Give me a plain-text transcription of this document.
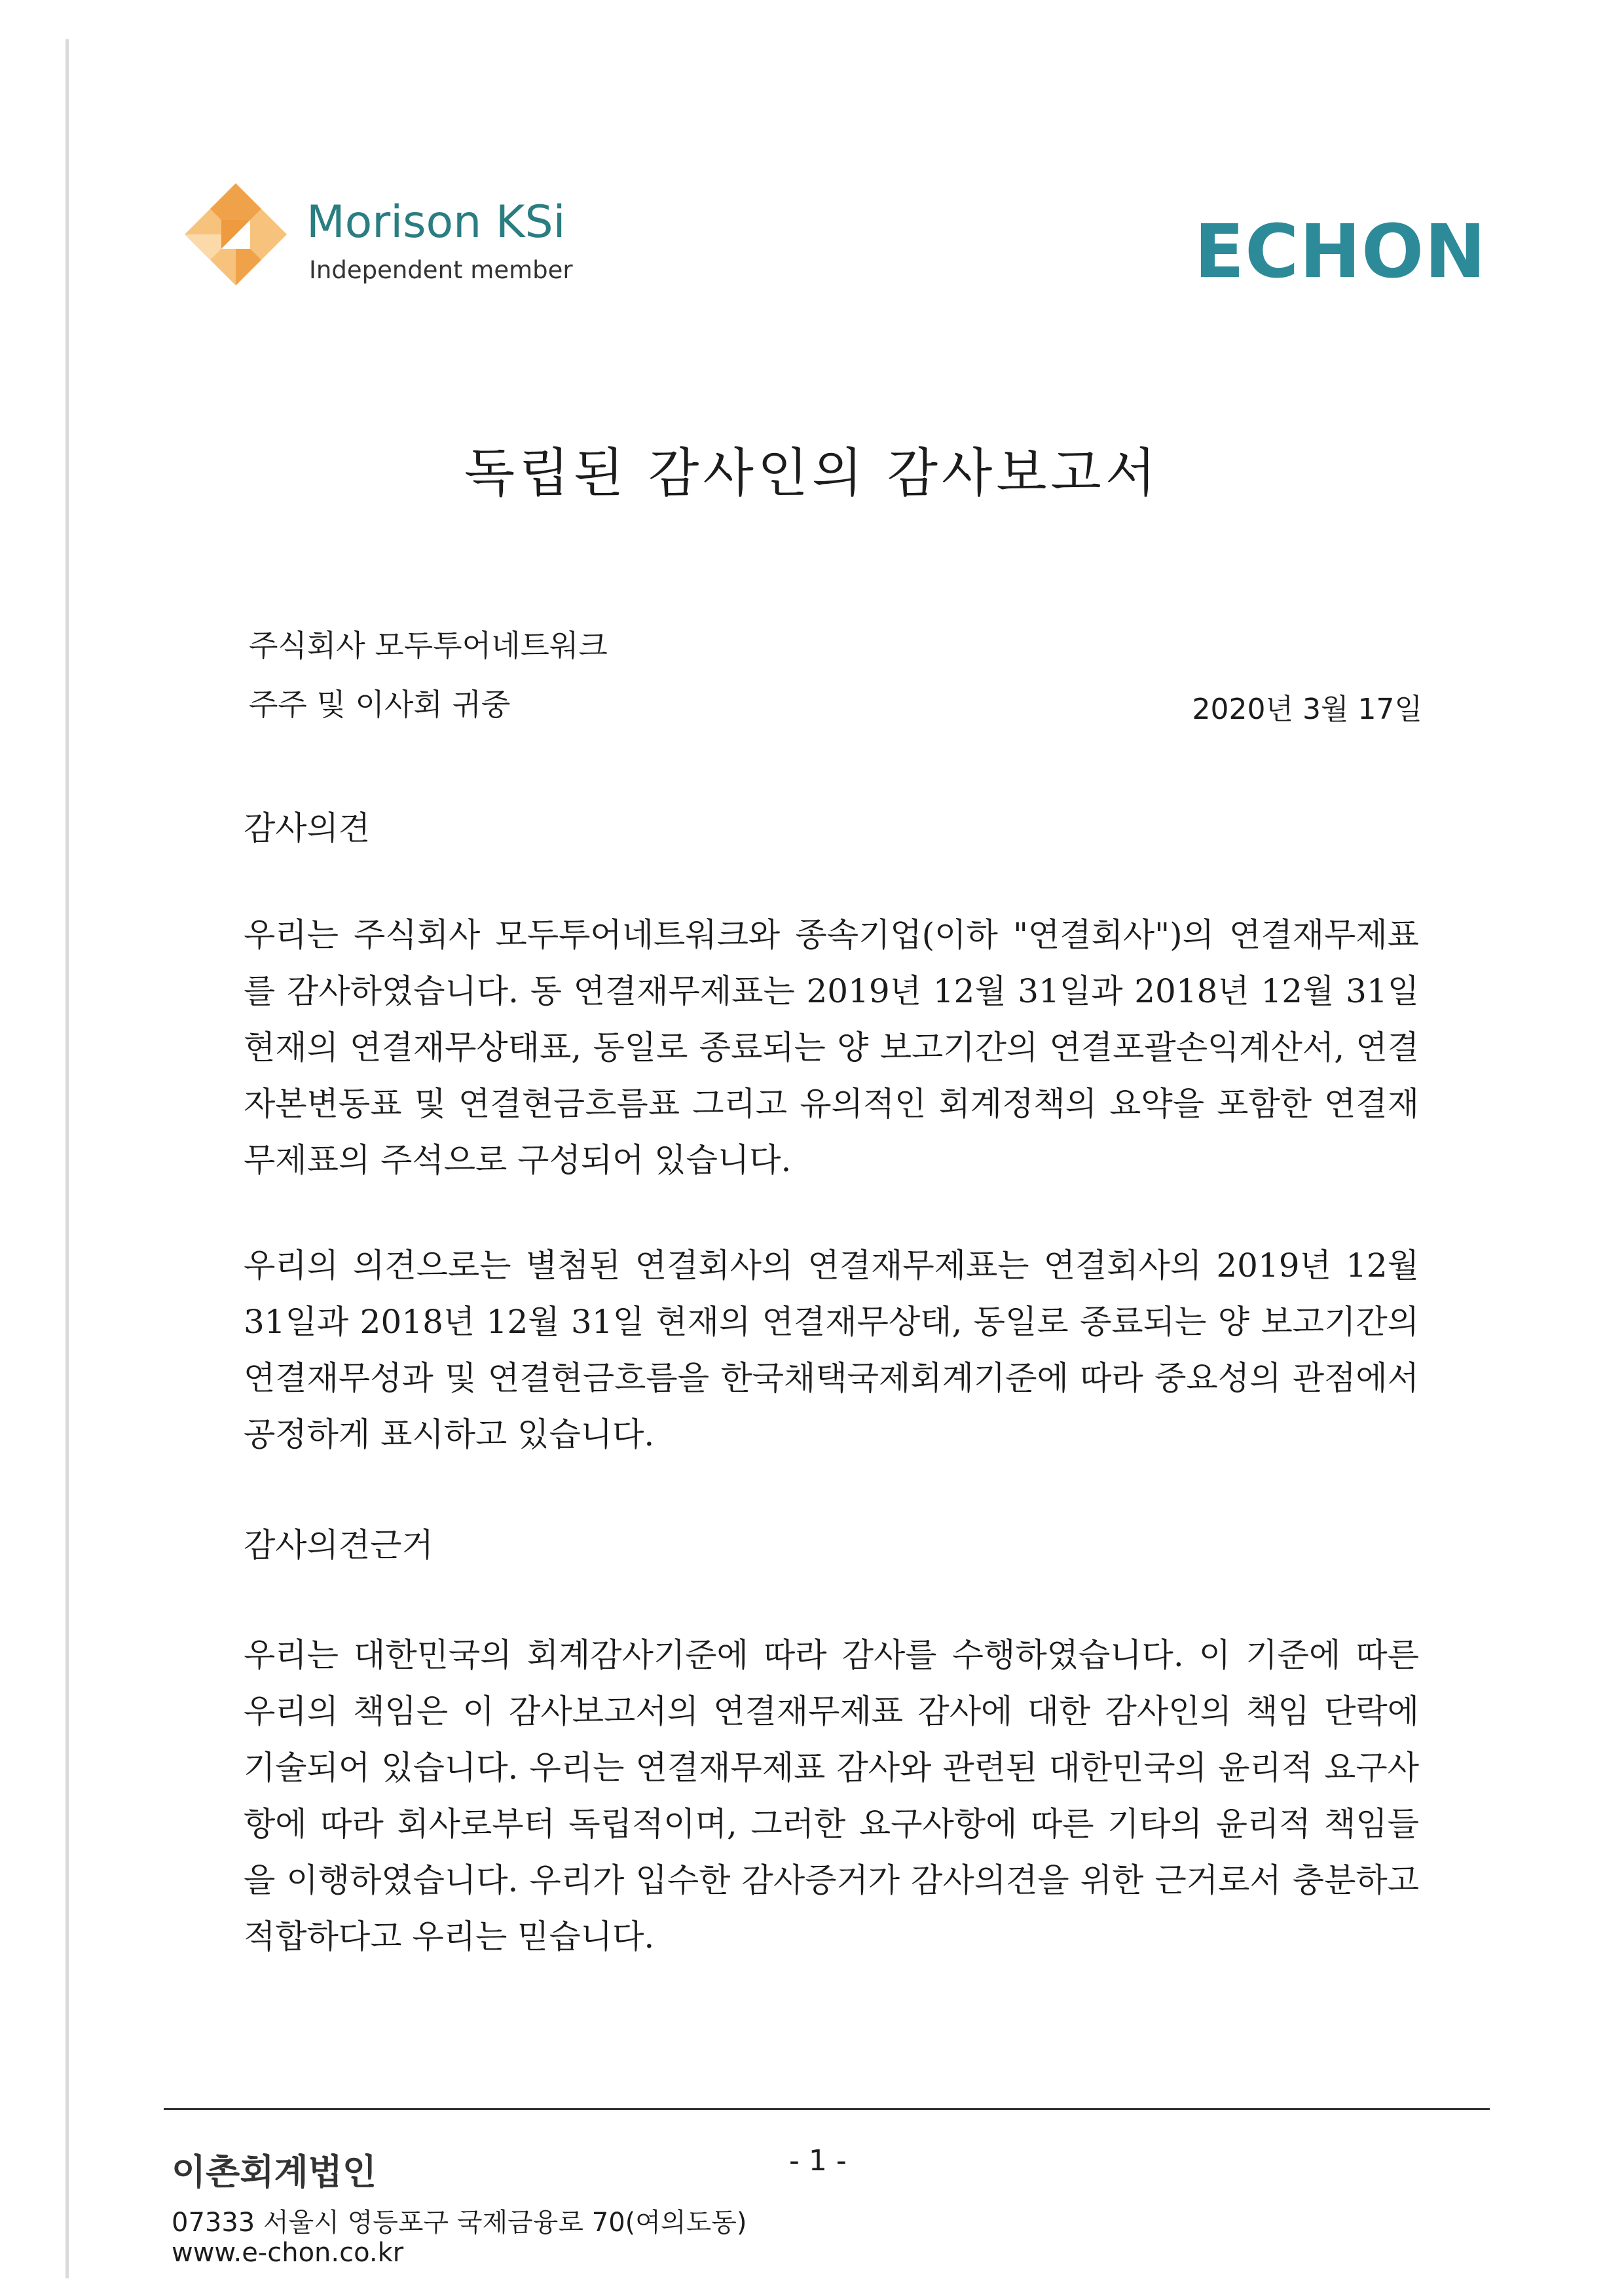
Morison KSi
Independent member	ECHON
독립된 감사인의 감사보고서
주식회사 모두투어네트워크
주주 및 이사회 귀중	2020년 3월 17일
감사의견
우리는 주식회사 모두투어네트워크와 종속기업(이하 "연결회사")의 연결재무제표를 감사하였습니다. 동 연결재무제표는 2019년 12월 31일과 2018년 12월 31일 현재의 연결재무상태표, 동일로 종료되는 양 보고기간의 연결포괄손익계산서, 연결자본변동표 및 연결현금흐름표 그리고 유의적인 회계정책의 요약을 포함한 연결재무제표의 주석으로 구성되어 있습니다.
우리의 의견으로는 별첨된 연결회사의 연결재무제표는 연결회사의 2019년 12월 31일과 2018년 12월 31일 현재의 연결재무상태, 동일로 종료되는 양 보고기간의 연결재무성과 및 연결현금흐름을 한국채택국제회계기준에 따라 중요성의 관점에서 공정하게 표시하고 있습니다.
감사의견근거
우리는 대한민국의 회계감사기준에 따라 감사를 수행하였습니다. 이 기준에 따른 우리의 책임은 이 감사보고서의 연결재무제표 감사에 대한 감사인의 책임 단락에 기술되어 있습니다. 우리는 연결재무제표 감사와 관련된 대한민국의 윤리적 요구사항에 따라 회사로부터 독립적이며, 그러한 요구사항에 따른 기타의 윤리적 책임들을 이행하였습니다. 우리가 입수한 감사증거가 감사의견을 위한 근거로서 충분하고 적합하다고 우리는 믿습니다.
이촌회계법인	- 1 -
07333 서울시 영등포구 국제금융로 70(여의도동)
www.e-chon.co.kr
